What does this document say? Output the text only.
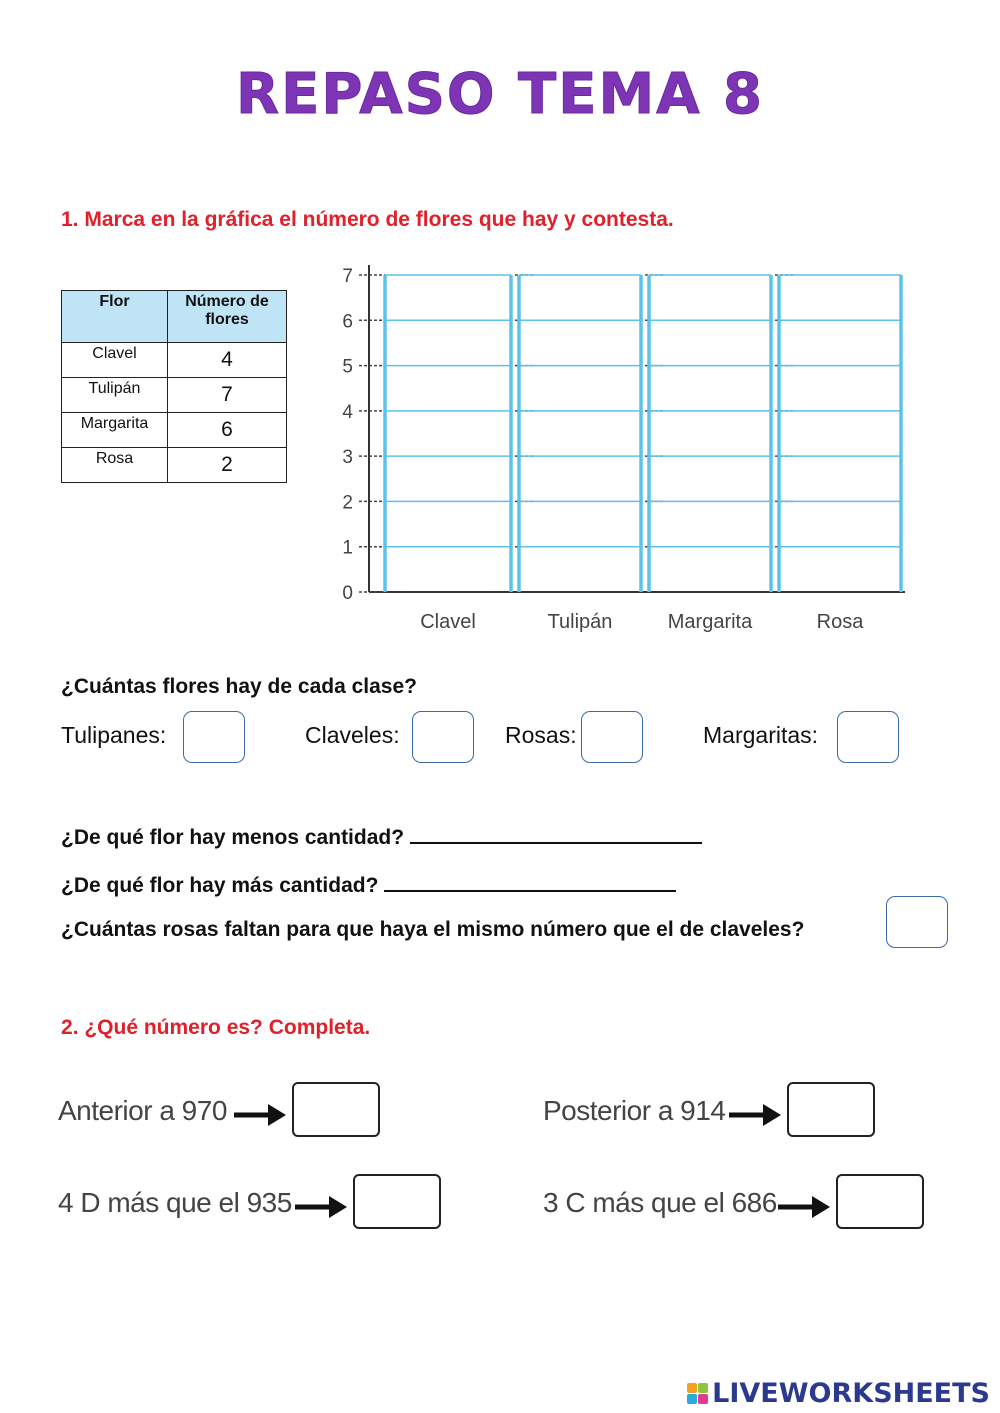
REPASO TEMA 8
1. Marca en la gráfica el número de flores que hay y contesta.
Flor	Número de flores
Clavel	4
Tulipán	7
Margarita	6
Rosa	2
0
1
2
3
4
5
6
7
Clavel	Tulipán	Margarita	Rosa
¿Cuántas flores hay de cada clase?
Tulipanes:	Claveles:	Rosas:	Margaritas:
¿De qué flor hay menos cantidad?
¿De qué flor hay más cantidad?
¿Cuántas rosas faltan para que haya el mismo número que el de claveles?
2. ¿Qué número es? Completa.
Anterior a 970	Posterior a 914
4 D más que el 935	3 C más que el 686
LIVEWORKSHEETS
